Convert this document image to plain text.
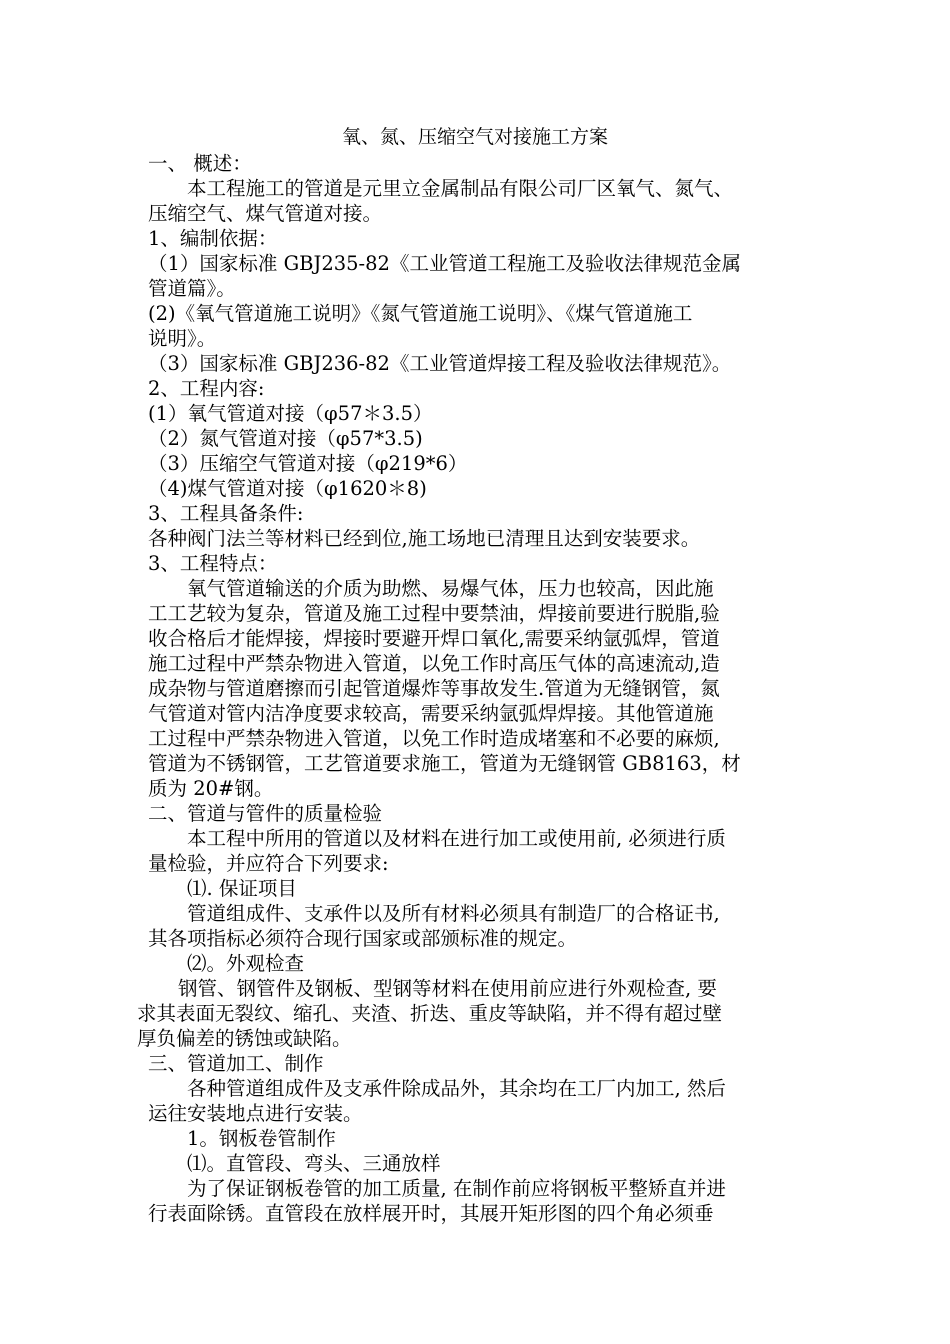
氧、氮、压缩空气对接施工方案
一、 概述：
本工程施工的管道是元里立金属制品有限公司厂区氧气、氮气、
压缩空气、煤气管道对接。
1、编制依据：
（1）国家标准 GBJ235-82《工业管道工程施工及验收法律规范金属
管道篇》。
(2)《氧气管道施工说明》《氮气管道施工说明》、《煤气管道施工
说明》。
（3）国家标准 GBJ236-82《工业管道焊接工程及验收法律规范》。
2、工程内容:
(1）氧气管道对接（φ57＊3.5）
（2）氮气管道对接（φ57*3.5)
（3）压缩空气管道对接（φ219*6）
（4)煤气管道对接（φ1620＊8)
3、工程具备条件:
各种阀门法兰等材料已经到位,施工场地已清理且达到安装要求。
3、工程特点：
氧气管道输送的介质为助燃、易爆气体，压力也较高，因此施
工工艺较为复杂，管道及施工过程中要禁油，焊接前要进行脱脂,验
收合格后才能焊接，焊接时要避开焊口氧化,需要采纳氩弧焊，管道
施工过程中严禁杂物进入管道，以免工作时高压气体的高速流动,造
成杂物与管道磨擦而引起管道爆炸等事故发生.管道为无缝钢管，氮
气管道对管内洁净度要求较高，需要采纳氩弧焊焊接。其他管道施
工过程中严禁杂物进入管道，以免工作时造成堵塞和不必要的麻烦,
管道为不锈钢管，工艺管道要求施工，管道为无缝钢管 GB8163，材
质为 20#钢。
二、管道与管件的质量检验
本工程中所用的管道以及材料在进行加工或使用前, 必须进行质
量检验，并应符合下列要求:
⑴. 保证项目
管道组成件、支承件以及所有材料必须具有制造厂的合格证书,
其各项指标必须符合现行国家或部颁标准的规定。
⑵。外观检查
钢管、钢管件及钢板、型钢等材料在使用前应进行外观检查, 要
求其表面无裂纹、缩孔、夹渣、折迭、重皮等缺陷，并不得有超过壁
厚负偏差的锈蚀或缺陷。
三、管道加工、制作
各种管道组成件及支承件除成品外，其余均在工厂内加工, 然后
运往安装地点进行安装。
1。钢板卷管制作
⑴。直管段、弯头、三通放样
为了保证钢板卷管的加工质量, 在制作前应将钢板平整矫直并进
行表面除锈。直管段在放样展开时，其展开矩形图的四个角必须垂
